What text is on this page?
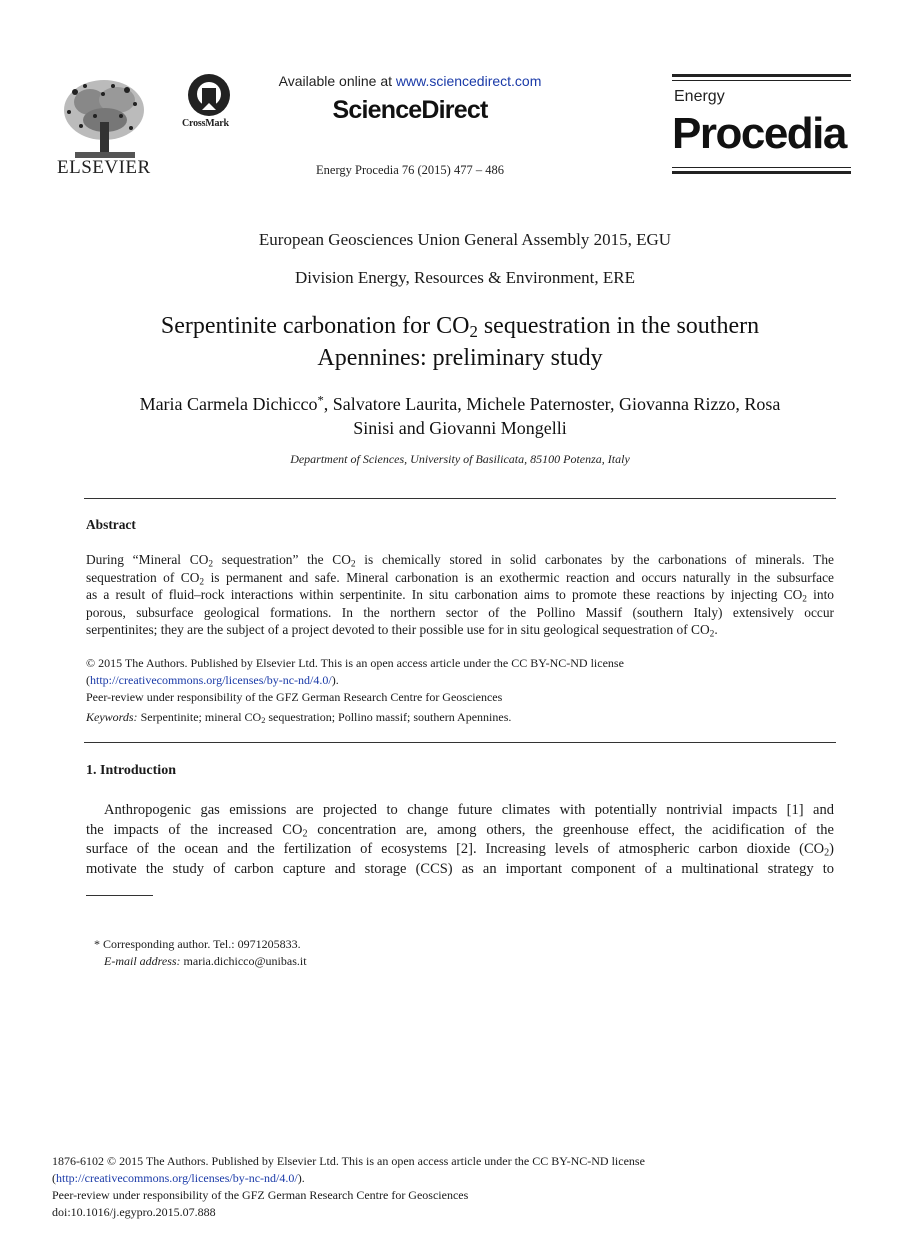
ELSEVIER
CrossMark
Available online at www.sciencedirect.com
ScienceDirect
Energy Procedia 76 (2015) 477 – 486
Energy
Procedia
European Geosciences Union General Assembly 2015, EGU
Division Energy, Resources & Environment, ERE
Serpentinite carbonation for $CO_2$ sequestration in the southern
Apennines: preliminary study
Maria Carmela Dichicco*, Salvatore Laurita, Michele Paternoster, Giovanna Rizzo, Rosa
Sinisi and Giovanni Mongelli
Department of Sciences, University of Basilicata, 85100 Potenza, Italy
Abstract
During “Mineral $CO_2$ sequestration” the $CO_2$ is chemically stored in solid carbonates by the carbonations of minerals. The
sequestration of $CO_2$ is permanent and safe. Mineral carbonation is an exothermic reaction and occurs naturally in the subsurface
as a result of fluid–rock interactions within serpentinite. In situ carbonation aims to promote these reactions by injecting $CO_2$ into
porous, subsurface geological formations. In the northern sector of the Pollino Massif (southern Italy) extensively occur
serpentinites; they are the subject of a project devoted to their possible use for in situ geological sequestration of $CO_2$.
© 2015 The Authors. Published by Elsevier Ltd. This is an open access article under the CC BY-NC-ND license
(http://creativecommons.org/licenses/by-nc-nd/4.0/).
Peer-review under responsibility of the GFZ German Research Centre for Geosciences
Keywords: Serpentinite; mineral $CO_2$ sequestration; Pollino massif; southern Apennines.
1. Introduction
Anthropogenic gas emissions are projected to change future climates with potentially nontrivial impacts [1] and
the impacts of the increased $CO_2$ concentration are, among others, the greenhouse effect, the acidification of the
surface of the ocean and the fertilization of ecosystems [2]. Increasing levels of atmospheric carbon dioxide $(CO_2)$
motivate the study of carbon capture and storage (CCS) as an important component of a multinational strategy to
* Corresponding author. Tel.: 0971205833.
E-mail address: maria.dichicco@unibas.it
1876-6102 © 2015 The Authors. Published by Elsevier Ltd. This is an open access article under the CC BY-NC-ND license
(http://creativecommons.org/licenses/by-nc-nd/4.0/).
Peer-review under responsibility of the GFZ German Research Centre for Geosciences
doi:10.1016/j.egypro.2015.07.888
